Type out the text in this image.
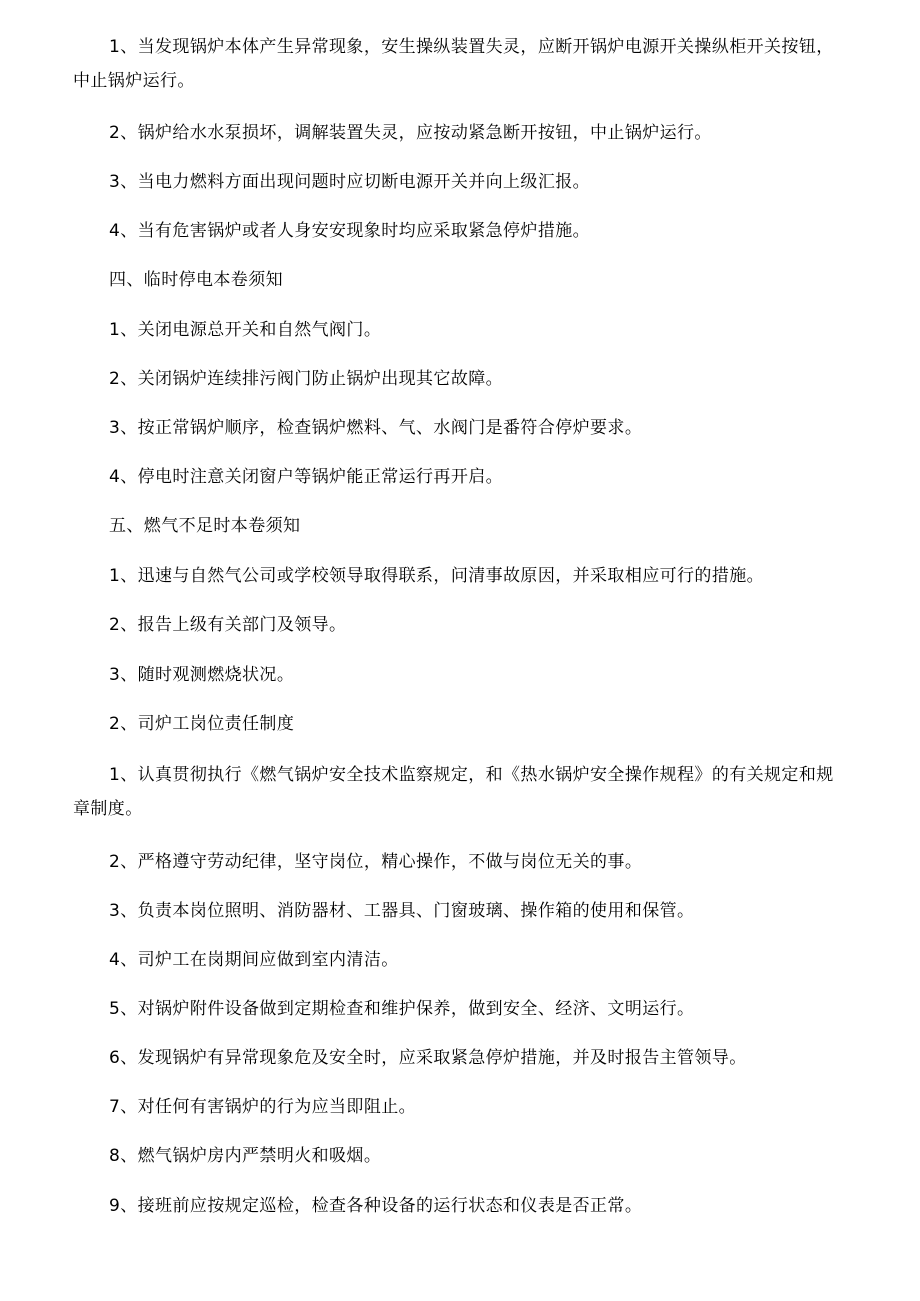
1、当发现锅炉本体产生异常现象，安生操纵装置失灵，应断开锅炉电源开关操纵柜开关按钮，中止锅炉运行。

2、锅炉给水水泵损坏，调解装置失灵，应按动紧急断开按钮，中止锅炉运行。

3、当电力燃料方面出现问题时应切断电源开关并向上级汇报。

4、当有危害锅炉或者人身安安现象时均应采取紧急停炉措施。

四、临时停电本卷须知

1、关闭电源总开关和自然气阀门。

2、关闭锅炉连续排污阀门防止锅炉出现其它故障。

3、按正常锅炉顺序，检查锅炉燃料、气、水阀门是番符合停炉要求。

4、停电时注意关闭窗户等锅炉能正常运行再开启。

五、燃气不足时本卷须知

1、迅速与自然气公司或学校领导取得联系，问清事故原因，并采取相应可行的措施。

2、报告上级有关部门及领导。

3、随时观测燃烧状况。

2、司炉工岗位责任制度

1、认真贯彻执行《燃气锅炉安全技术监察规定，和《热水锅炉安全操作规程》的有关规定和规章制度。

2、严格遵守劳动纪律，坚守岗位，精心操作，不做与岗位无关的事。

3、负责本岗位照明、消防器材、工器具、门窗玻璃、操作箱的使用和保管。

4、司炉工在岗期间应做到室内清洁。

5、对锅炉附件设备做到定期检查和维护保养，做到安全、经济、文明运行。

6、发现锅炉有异常现象危及安全时，应采取紧急停炉措施，并及时报告主管领导。

7、对任何有害锅炉的行为应当即阻止。

8、燃气锅炉房内严禁明火和吸烟。

9、接班前应按规定巡检，检查各种设备的运行状态和仪表是否正常。
